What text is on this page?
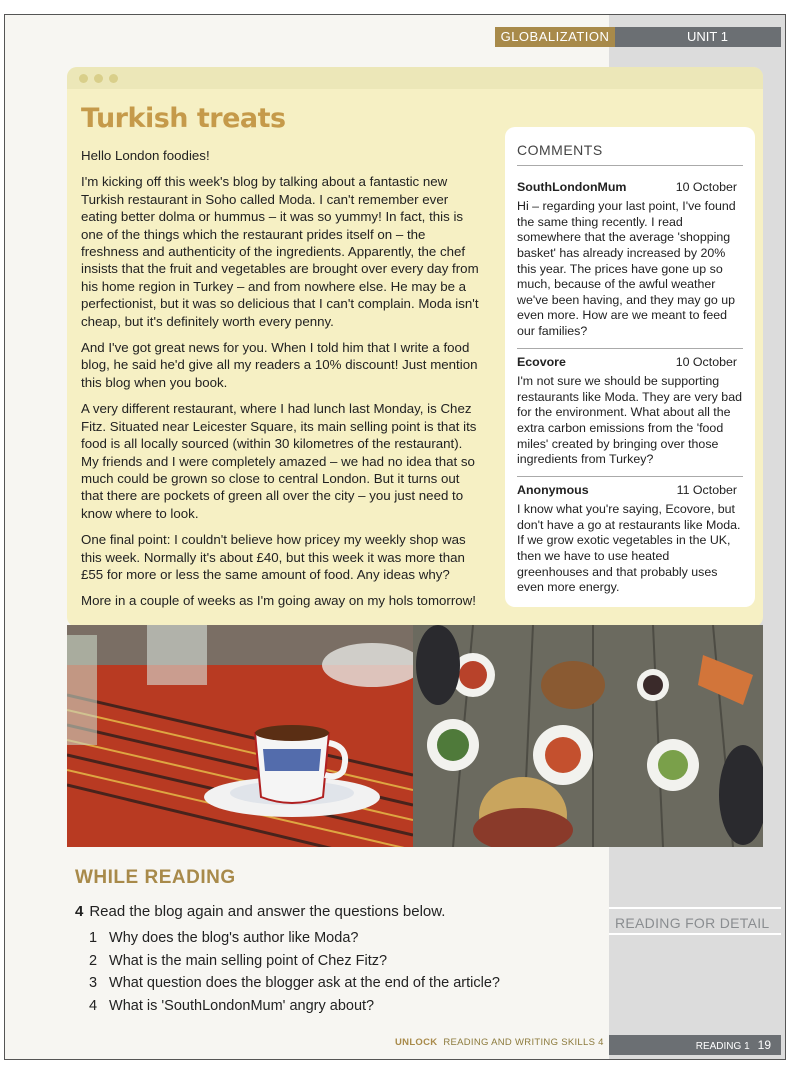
GLOBALIZATION	UNIT 1
Turkish treats

Hello London foodies!

I'm kicking off this week's blog by talking about a fantastic new Turkish restaurant in Soho called Moda. I can't remember ever eating better dolma or hummus – it was so yummy! In fact, this is one of the things which the restaurant prides itself on – the freshness and authenticity of the ingredients. Apparently, the chef insists that the fruit and vegetables are brought over every day from his home region in Turkey – and from nowhere else. He may be a perfectionist, but it was so delicious that I can't complain. Moda isn't cheap, but it's definitely worth every penny.

And I've got great news for you. When I told him that I write a food blog, he said he'd give all my readers a 10% discount! Just mention this blog when you book.

A very different restaurant, where I had lunch last Monday, is Chez Fitz. Situated near Leicester Square, its main selling point is that its food is all locally sourced (within 30 kilometres of the restaurant). My friends and I were completely amazed – we had no idea that so much could be grown so close to central London. But it turns out that there are pockets of green all over the city – you just need to know where to look.

One final point: I couldn't believe how pricey my weekly shop was this week. Normally it's about £40, but this week it was more than £55 for more or less the same amount of food. Any ideas why?

More in a couple of weeks as I'm going away on my hols tomorrow!

COMMENTS
SouthLondonMum	10 October
Hi – regarding your last point, I've found the same thing recently. I read somewhere that the average 'shopping basket' has already increased by 20% this year. The prices have gone up so much, because of the awful weather we've been having, and they may go up even more. How are we meant to feed our families?
Ecovore	10 October
I'm not sure we should be supporting restaurants like Moda. They are very bad for the environment. What about all the extra carbon emissions from the 'food miles' created by bringing over those ingredients from Turkey?
Anonymous	11 October
I know what you're saying, Ecovore, but don't have a go at restaurants like Moda. If we grow exotic vegetables in the UK, then we have to use heated greenhouses and that probably uses even more energy.
WHILE READING
4 Read the blog again and answer the questions below.
1 Why does the blog's author like Moda?
2 What is the main selling point of Chez Fitz?
3 What question does the blogger ask at the end of the article?
4 What is 'SouthLondonMum' angry about?
READING FOR DETAIL
UNLOCK READING AND WRITING SKILLS 4	READING 1 19
